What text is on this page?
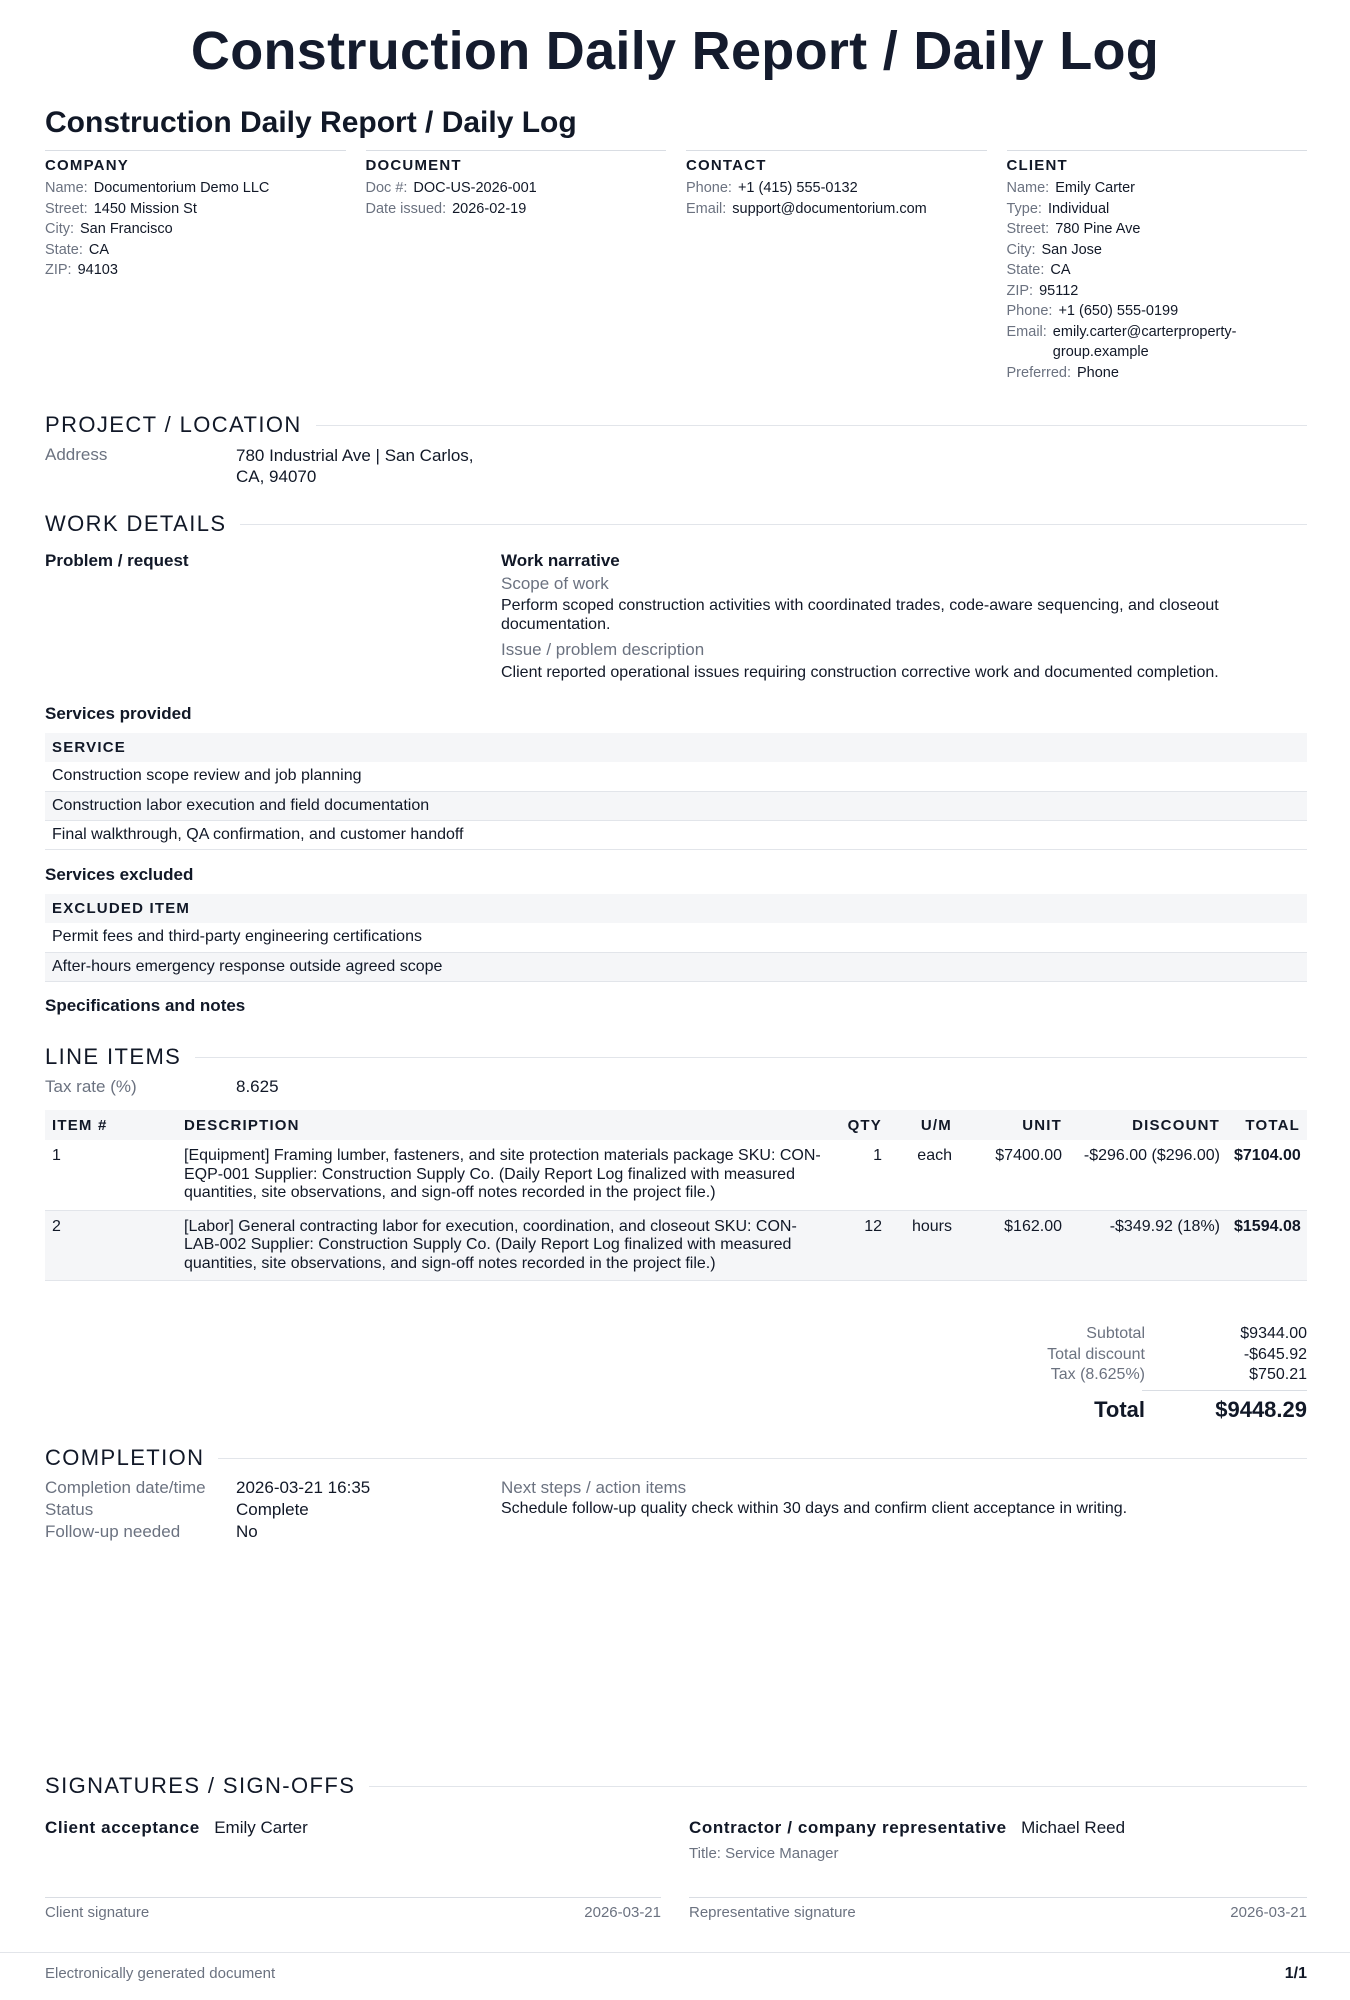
Construction Daily Report / Daily Log
Construction Daily Report / Daily Log
COMPANY
Name: Documentorium Demo LLC
Street: 1450 Mission St
City: San Francisco
State: CA
ZIP: 94103
DOCUMENT
Doc #: DOC-US-2026-001
Date issued: 2026-02-19
CONTACT
Phone: +1 (415) 555-0132
Email: support@documentorium.com
CLIENT
Name: Emily Carter
Type: Individual
Street: 780 Pine Ave
City: San Jose
State: CA
ZIP: 95112
Phone: +1 (650) 555-0199
Email: emily.carter@carterproperty-group.example
Preferred: Phone
PROJECT / LOCATION
Address	780 Industrial Ave | San Carlos, CA, 94070
WORK DETAILS
Problem / request	Work narrative
Scope of work
Perform scoped construction activities with coordinated trades, code-aware sequencing, and closeout documentation.
Issue / problem description
Client reported operational issues requiring construction corrective work and documented completion.
Services provided
SERVICE
Construction scope review and job planning
Construction labor execution and field documentation
Final walkthrough, QA confirmation, and customer handoff
Services excluded
EXCLUDED ITEM
Permit fees and third-party engineering certifications
After-hours emergency response outside agreed scope
Specifications and notes
LINE ITEMS
Tax rate (%)	8.625
ITEM #	DESCRIPTION	QTY	U/M	UNIT	DISCOUNT	TOTAL
1	[Equipment] Framing lumber, fasteners, and site protection materials package SKU: CON-EQP-001 Supplier: Construction Supply Co. (Daily Report Log finalized with measured quantities, site observations, and sign-off notes recorded in the project file.)	1	each	$7400.00	-$296.00 ($296.00)	$7104.00
2	[Labor] General contracting labor for execution, coordination, and closeout SKU: CON-LAB-002 Supplier: Construction Supply Co. (Daily Report Log finalized with measured quantities, site observations, and sign-off notes recorded in the project file.)	12	hours	$162.00	-$349.92 (18%)	$1594.08
Subtotal	$9344.00
Total discount	-$645.92
Tax (8.625%)	$750.21
Total	$9448.29
COMPLETION
Completion date/time 2026-03-21 16:35
Status	Complete
Follow-up needed	No
Next steps / action items
Schedule follow-up quality check within 30 days and confirm client acceptance in writing.
SIGNATURES / SIGN-OFFS
Client acceptance Emily Carter	Contractor / company representative Michael Reed
Title: Service Manager
Client signature	2026-03-21 Representative signature	2026-03-21
Electronically generated document	1/1
